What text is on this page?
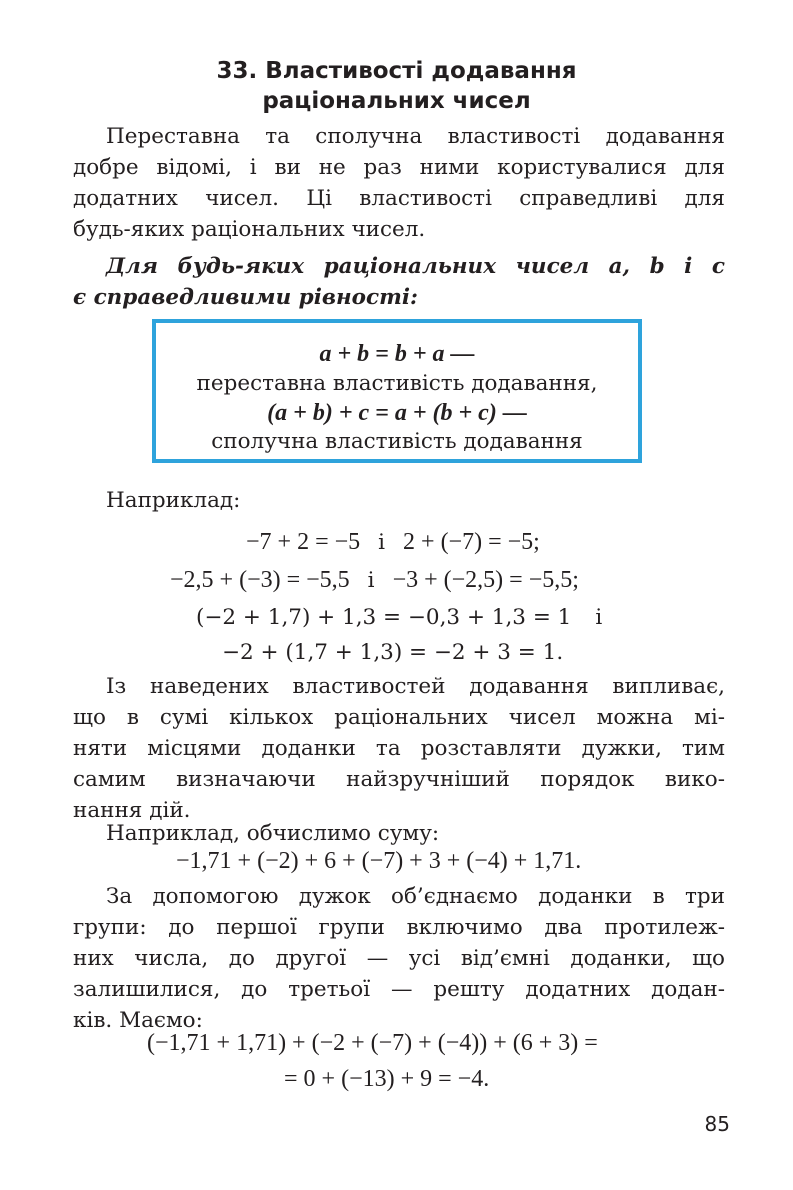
33. Властивості додавання
раціональних чисел
Переставна та сполучна властивості додавання
добре відомі, і ви не раз ними користувалися для
додатних чисел. Ці властивості справедливі для
будь-яких раціональних чисел.
Для будь-яких раціональних чисел a, b і c
є справедливими рівності:
a + b = b + a —
переставна властивість додавання,
(a + b) + c = a + (b + c) —
сполучна властивість додавання
Наприклад:
−7 + 2 = −5 і 2 + (−7) = −5;
−2,5 + (−3) = −5,5 і −3 + (−2,5) = −5,5;
(−2 + 1,7) + 1,3 = −0,3 + 1,3 = 1 і
−2 + (1,7 + 1,3) = −2 + 3 = 1.
Із наведених властивостей додавання випливає,
що в сумі кількох раціональних чисел можна мі-
няти місцями доданки та розставляти дужки, тим
самим визначаючи найзручніший порядок вико-
нання дій.
Наприклад, обчислимо суму:
−1,71 + (−2) + 6 + (−7) + 3 + (−4) + 1,71.
За допомогою дужок об’єднаємо доданки в три
групи: до першої групи включимо два протилеж-
них числа, до другої — усі від’ємні доданки, що
залишилися, до третьої — решту додатних додан-
ків. Маємо:
(−1,71 + 1,71) + (−2 + (−7) + (−4)) + (6 + 3) =
= 0 + (−13) + 9 = −4.
85
